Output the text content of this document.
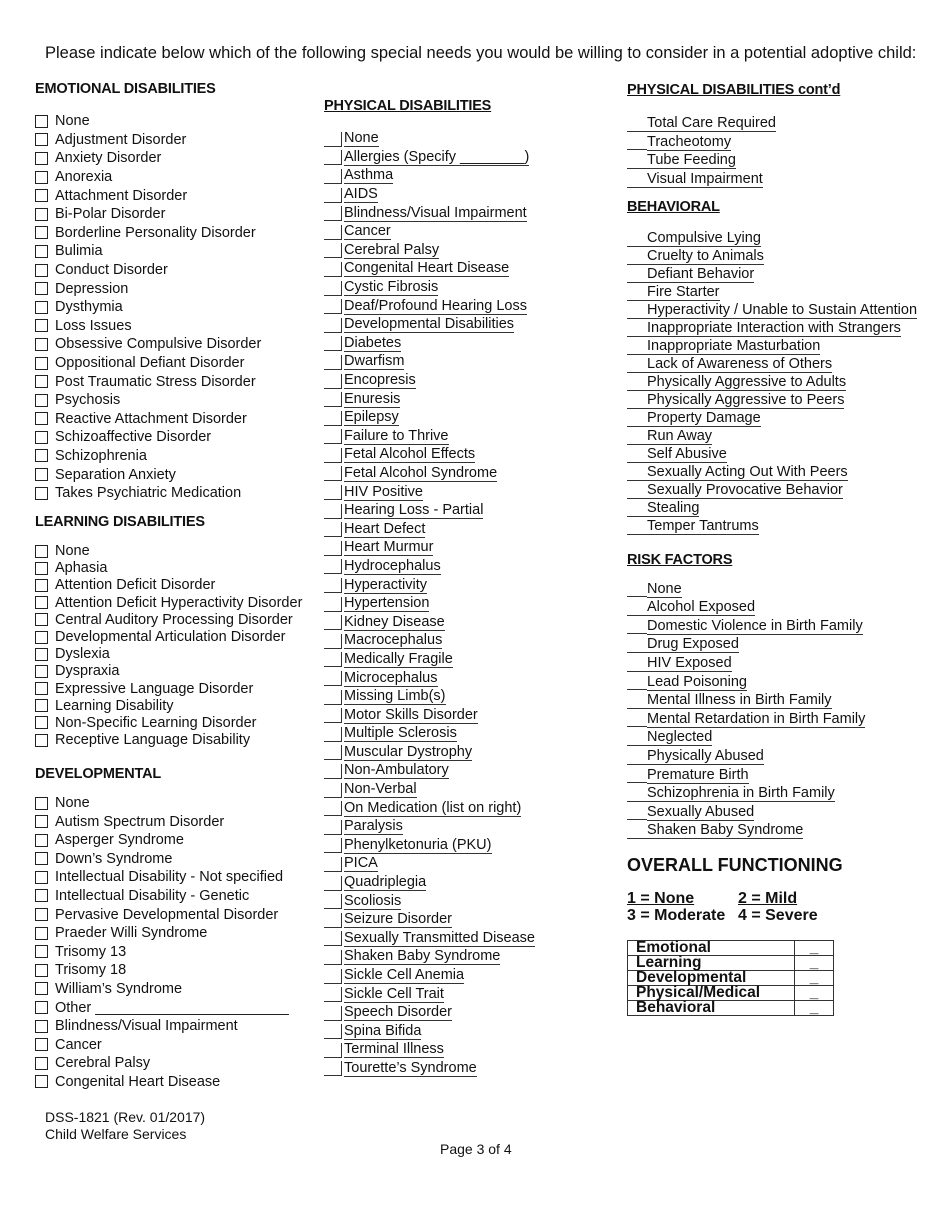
Please indicate below which of the following special needs you would be willing to consider in a potential adoptive child:
EMOTIONAL DISABILITIES
None
Adjustment Disorder
Anxiety Disorder
Anorexia
Attachment Disorder
Bi-Polar Disorder
Borderline Personality Disorder
Bulimia
Conduct Disorder
Depression
Dysthymia
Loss Issues
Obsessive Compulsive Disorder
Oppositional Defiant Disorder
Post Traumatic Stress Disorder
Psychosis
Reactive Attachment Disorder
Schizoaffective Disorder
Schizophrenia
Separation Anxiety
Takes Psychiatric Medication
LEARNING DISABILITIES
None
Aphasia
Attention Deficit Disorder
Attention Deficit Hyperactivity Disorder
Central Auditory Processing Disorder
Developmental Articulation Disorder
Dyslexia
Dyspraxia
Expressive Language Disorder
Learning Disability
Non-Specific Learning Disorder
Receptive Language Disability
DEVELOPMENTAL
None
Autism Spectrum Disorder
Asperger Syndrome
Down’s Syndrome
Intellectual Disability - Not specified
Intellectual Disability - Genetic
Pervasive Developmental Disorder
Praeder Willi Syndrome
Trisomy 13
Trisomy 18
William’s Syndrome
Other ________________________
Blindness/Visual Impairment
Cancer
Cerebral Palsy
Congenital Heart Disease
PHYSICAL DISABILITIES
None
Allergies (Specify ________)
Asthma
AIDS
Blindness/Visual Impairment
Cancer
Cerebral Palsy
Congenital Heart Disease
Cystic Fibrosis
Deaf/Profound Hearing Loss
Developmental Disabilities
Diabetes
Dwarfism
Encopresis
Enuresis
Epilepsy
Failure to Thrive
Fetal Alcohol Effects
Fetal Alcohol Syndrome
HIV Positive
Hearing Loss - Partial
Heart Defect
Heart Murmur
Hydrocephalus
Hyperactivity
Hypertension
Kidney Disease
Macrocephalus
Medically Fragile
Microcephalus
Missing Limb(s)
Motor Skills Disorder
Multiple Sclerosis
Muscular Dystrophy
Non-Ambulatory
Non-Verbal
On Medication (list on right)
Paralysis
Phenylketonuria (PKU)
PICA
Quadriplegia
Scoliosis
Seizure Disorder
Sexually Transmitted Disease
Shaken Baby Syndrome
Sickle Cell Anemia
Sickle Cell Trait
Speech Disorder
Spina Bifida
Terminal Illness
Tourette’s Syndrome
PHYSICAL DISABILITIES cont’d
Total Care Required
Tracheotomy
Tube Feeding
Visual Impairment
BEHAVIORAL
Compulsive Lying
Cruelty to Animals
Defiant Behavior
Fire Starter
Hyperactivity / Unable to Sustain Attention
Inappropriate Interaction with Strangers
Inappropriate Masturbation
Lack of Awareness of Others
Physically Aggressive to Adults
Physically Aggressive to Peers
Property Damage
Run Away
Self Abusive
Sexually Acting Out With Peers
Sexually Provocative Behavior
Stealing
Temper Tantrums
RISK FACTORS
None
Alcohol Exposed
Domestic Violence in Birth Family
Drug Exposed
HIV Exposed
Lead Poisoning
Mental Illness in Birth Family
Mental Retardation in Birth Family
Neglected
Physically Abused
Premature Birth
Schizophrenia in Birth Family
Sexually Abused
Shaken Baby Syndrome
OVERALL FUNCTIONING
1 = None	2 = Mild
3 = Moderate 4 = Severe
Emotional	_
Learning	_
Developmental	_
Physical/Medical	_
Behavioral	_
DSS-1821 (Rev. 01/2017)
Child Welfare Services
Page 3 of 4
